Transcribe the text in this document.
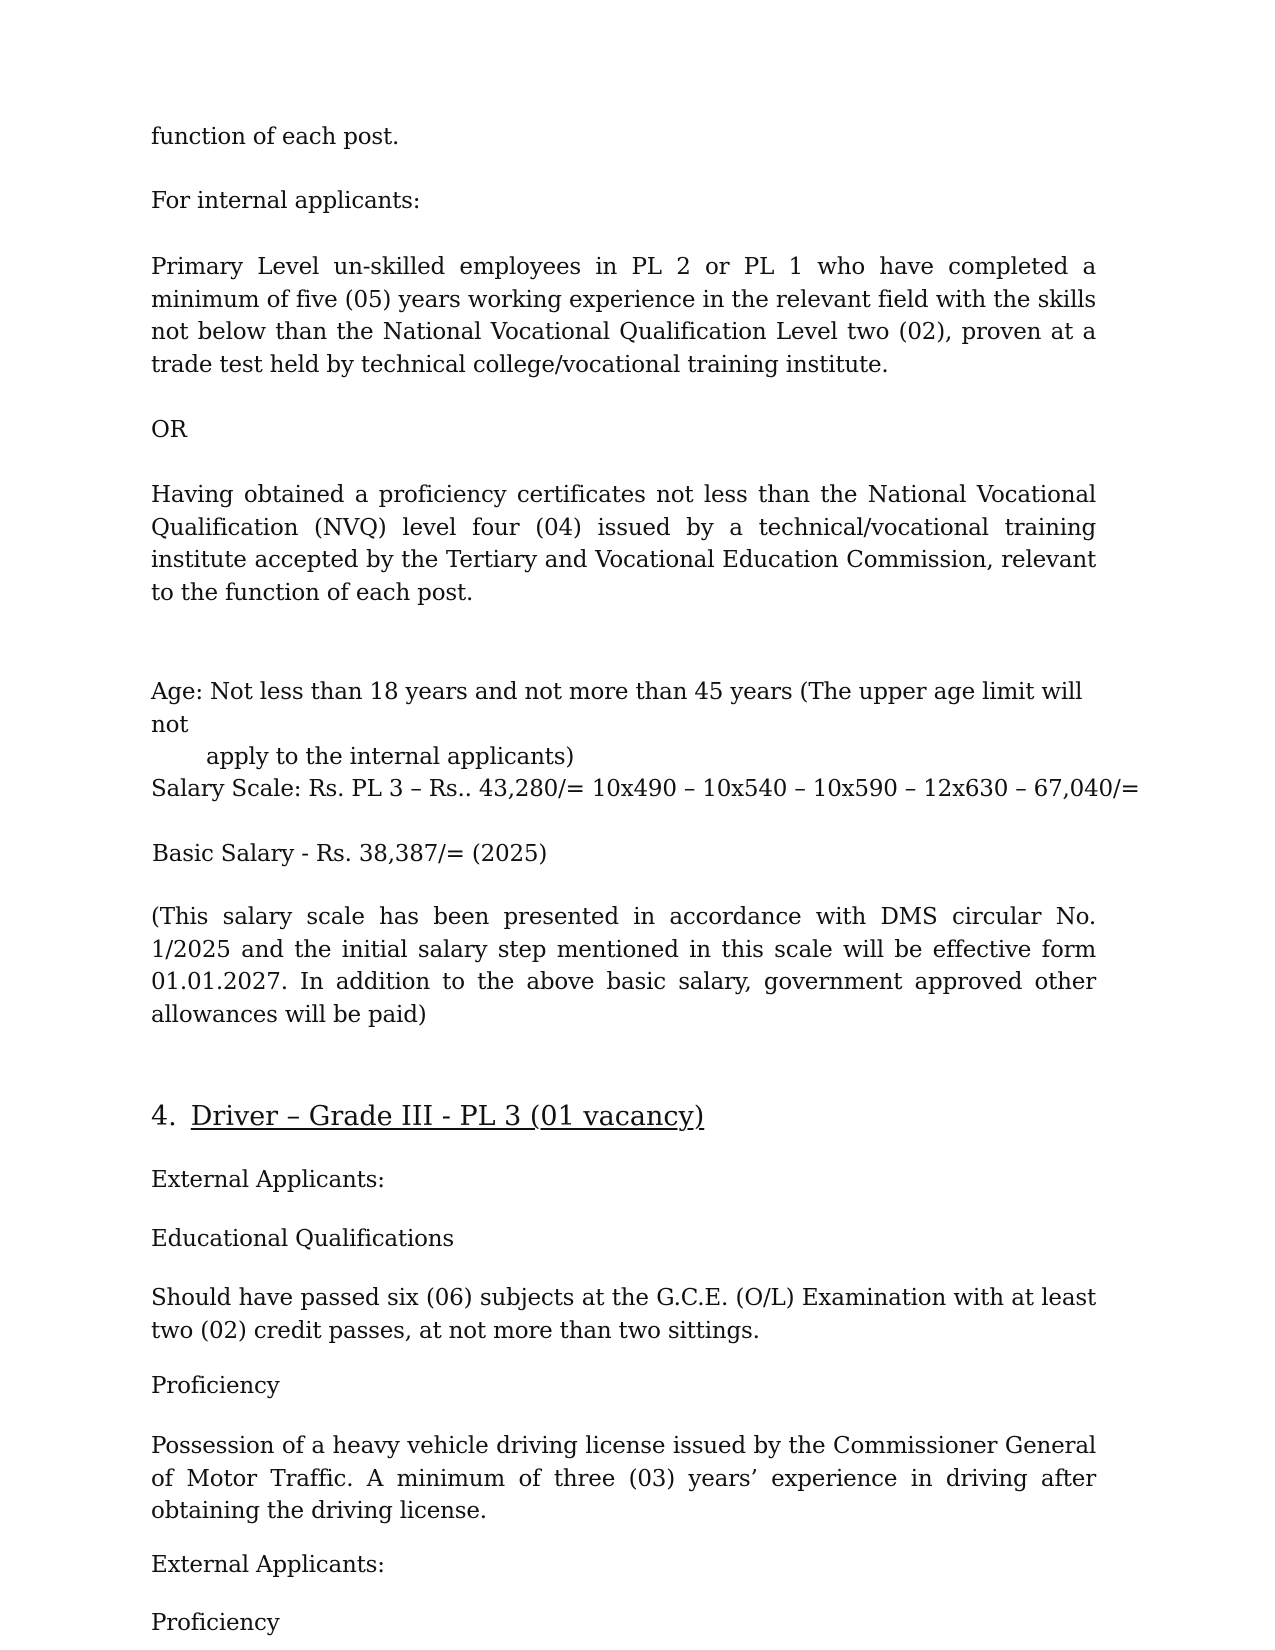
function of each post.
For internal applicants:
Primary Level un-skilled employees in PL 2 or PL 1 who have completed a minimum of five (05) years working experience in the relevant field with the skills not below than the National Vocational Qualification Level two (02), proven at a trade test held by technical college/vocational training institute.
OR
Having obtained a proficiency certificates not less than the National Vocational Qualification (NVQ) level four (04) issued by a technical/vocational training institute accepted by the Tertiary and Vocational Education Commission, relevant to the function of each post.
Age: Not less than 18 years and not more than 45 years (The upper age limit will not
apply to the internal applicants)
Salary Scale: Rs. PL 3 – Rs.. 43,280/= 10x490 – 10x540 – 10x590 – 12x630 – 67,040/=
Basic Salary - Rs. 38,387/= (2025)
(This salary scale has been presented in accordance with DMS circular No. 1/2025 and the initial salary step mentioned in this scale will be effective form 01.01.2027. In addition to the above basic salary, government approved other allowances will be paid)
4. Driver – Grade III - PL 3 (01 vacancy)
External Applicants:
Educational Qualifications
Should have passed six (06) subjects at the G.C.E. (O/L) Examination with at least two (02) credit passes, at not more than two sittings.
Proficiency
Possession of a heavy vehicle driving license issued by the Commissioner General of Motor Traffic. A minimum of three (03) years’ experience in driving after obtaining the driving license.
External Applicants:
Proficiency
